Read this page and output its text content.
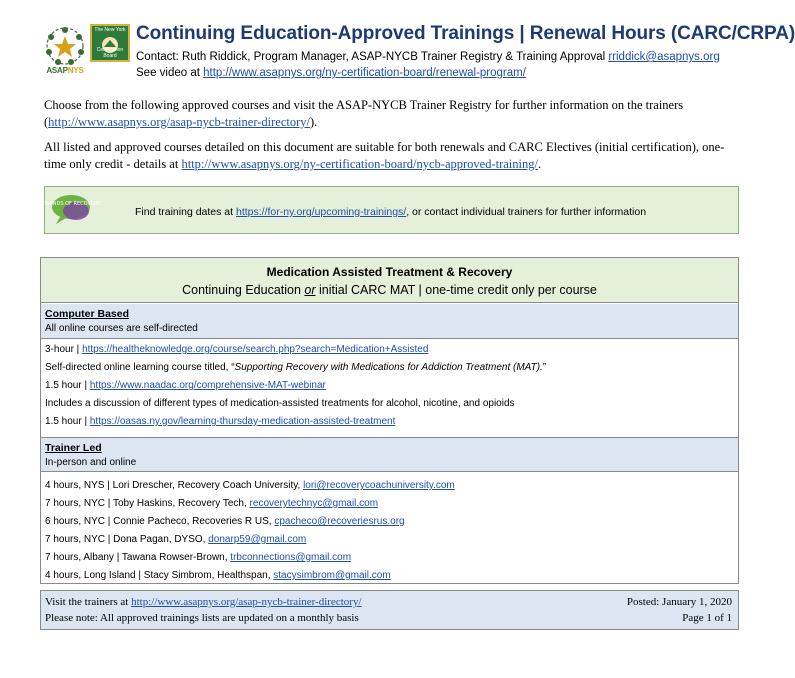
ASAPNYS
The New York
Certification Board
Continuing Education-Approved Trainings | Renewal Hours (CARC/CRPA)
Contact: Ruth Riddick, Program Manager, ASAP-NYCB Trainer Registry & Training Approval rriddick@asapnys.org
See video at http://www.asapnys.org/ny-certification-board/renewal-program/
Choose from the following approved courses and visit the ASAP-NYCB Trainer Registry for further information on the trainers (http://www.asapnys.org/asap-nycb-trainer-directory/).
All listed and approved courses detailed on this document are suitable for both renewals and CARC Electives (initial certification), one-time only credit - details at http://www.asapnys.org/ny-certification-board/nycb-approved-training/.
FRIENDS OF RECOVERY
Find training dates at https://for-ny.org/upcoming-trainings/, or contact individual trainers for further information
Medication Assisted Treatment & Recovery
Continuing Education or initial CARC MAT | one-time credit only per course
Computer Based
All online courses are self-directed
3-hour | https://healtheknowledge.org/course/search.php?search=Medication+Assisted
Self-directed online learning course titled, “Supporting Recovery with Medications for Addiction Treatment (MAT).”
1.5 hour | https://www.naadac.org/comprehensive-MAT-webinar
Includes a discussion of different types of medication-assisted treatments for alcohol, nicotine, and opioids
1.5 hour | https://oasas.ny.gov/learning-thursday-medication-assisted-treatment
Trainer Led
In-person and online
4 hours, NYS | Lori Drescher, Recovery Coach University, lori@recoverycoachuniversity.com
7 hours, NYC | Toby Haskins, Recovery Tech, recoverytechnyc@gmail.com
6 hours, NYC | Connie Pacheco, Recoveries R US, cpacheco@recoveriesrus.org
7 hours, NYC | Dona Pagan, DYSO, donarp59@gmail.com
7 hours, Albany | Tawana Rowser-Brown, trbconnections@gmail.com
4 hours, Long Island | Stacy Simbrom, Healthspan, stacysimbrom@gmail.com
Visit the trainers at http://www.asapnys.org/asap-nycb-trainer-directory/
Please note: All approved trainings lists are updated on a monthly basis
Posted: January 1, 2020
Page 1 of 1
